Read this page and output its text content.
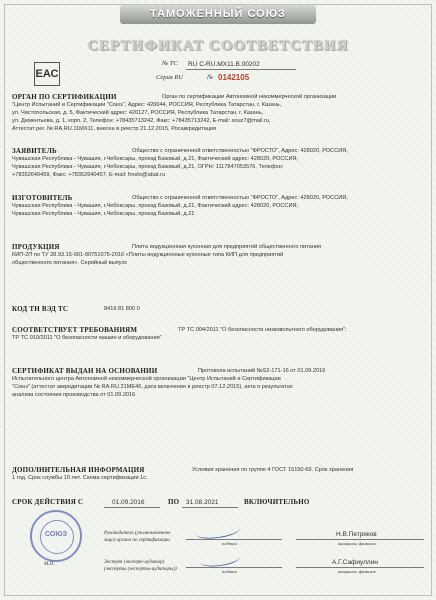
ТАМОЖЕННЫЙ СОЮЗ
СЕРТИФИКАТ СООТВЕТСТВИЯ
ЕАС
№ ТС RU C-RU.MX11.B.00202
Серия RU	№ 0142105
ОРГАН ПО СЕРТИФИКАЦИИ	Орган по сертификации Автономной некоммерческой организации
"Центр Испытаний и Сертификации "Союз", Адрес: 420044, РОССИЯ, Республика Татарстан, г. Казань,
ул. Чистопольская, д. 5, Фактический адрес: 420127, РОССИЯ, Республика Татарстан, г. Казань,
ул. Дементьева, д. 1, корп. 2, Телефон: +78435713242, Факс: +78435713242, E-mail: souz7@mail.ru,
Аттестат рег. № RA.RU.11MX11, внесен в реестр 21.12.2015, Росаккредитация
ЗАЯВИТЕЛЬ	Общество с ограниченной ответственностью "ФРОСТО", Адрес: 428020, РОССИЯ,
Чувашская Республика - Чувашия, г.Чебоксары, проезд Базовый, д.21, Фактический адрес: 428020, РОССИЯ,
Чувашская Республика - Чувашия, г.Чебоксары, проезд Базовый, д.21, ОГРН: 1117847053576, Телефон:
+78352640459, Факс: +78352640457, E-mail: frosto@abat.ru
ИЗГОТОВИТЕЛЬ	Общество с ограниченной ответственностью "ФРОСТО", Адрес: 428020, РОССИЯ,
Чувашская Республика - Чувашия, г.Чебоксары, проезд Базовый, д.21, Фактический адрес: 428020, РОССИЯ,
Чувашская Республика - Чувашия, г.Чебоксары, проезд Базовый, д.21
ПРОДУКЦИЯ	Плита индукционная кухонная для предприятий общественного питания
КИП-2П по ТУ 28.93.15-001-90751075-2016 «Плиты индукционные кухонные типа КИП для предприятий
общественного питания». Серийный выпуск
КОД ТН ВЭД ТС	8419 81 800 0
СООТВЕТСТВУЕТ ТРЕБОВАНИЯМ	ТР ТС 004/2011 "О безопасности низковольтного оборудования";
ТР ТС 010/2011 "О безопасности машин и оборудования"
СЕРТИФИКАТ ВЫДАН НА ОСНОВАНИИ	Протокола испытаний №S2-171-16 от 01.09.2016
Испытательного центра Автономной некоммерческой организации "Центр Испытаний и Сертификации
"Союз" (аттестат аккредитации № RA.RU.21ME46, дата включения в реестр 07.12.2015), акта о результатах
анализа состояния производства от 01.09.2016
ДОПОЛНИТЕЛЬНАЯ ИНФОРМАЦИЯ	Условия хранения по группе 4 ГОСТ 15150-69. Срок хранения
1 год. Срок службы 10 лет. Схема сертификации 1с.
СРОК ДЕЙСТВИЯ С	01.09.2016	ПО 31.08.2021	ВКЛЮЧИТЕЛЬНО
СОЮЗ
М.П.
Руководитель (уполномоченное
лицо) органа по сертификации
подпись
Н.В.Петряков
инициалы, фамилия
Эксперт (эксперт-аудитор)
(эксперты (эксперты-аудиторы))	подпись
А.Г.Сафиуллин
инициалы, фамилия
